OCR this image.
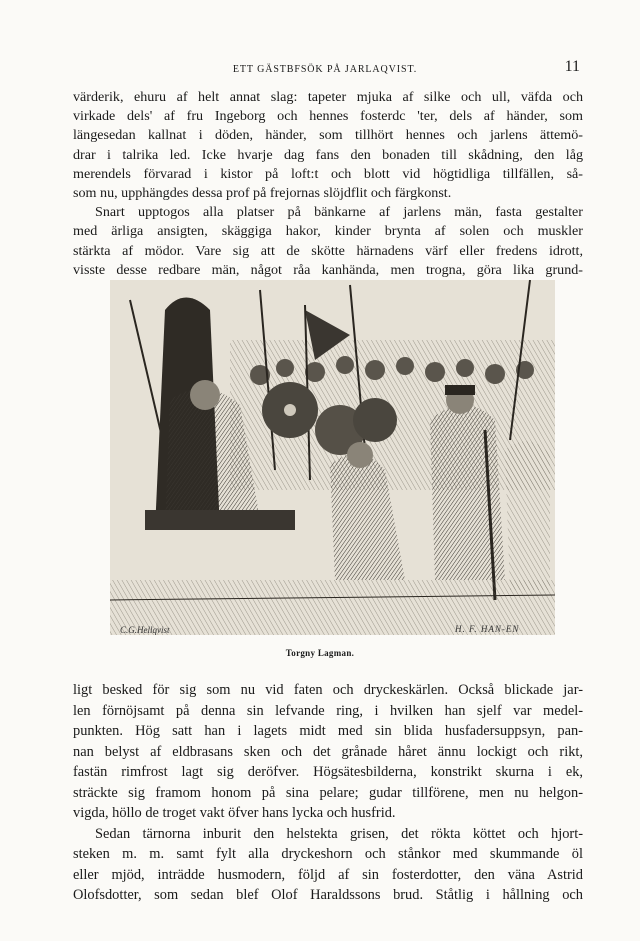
ETT GÄSTBFSÖK PÅ JARLAQVIST.	11
värderik, ehuru af helt annat slag: tapeter mjuka af silke och ull, väfda och
virkade dels' af fru Ingeborg och hennes fosterdc 'ter, dels af händer, som
längesedan kallnat i döden, händer, som tillhört hennes och jarlens ättemö-
drar i talrika led. Icke hvarje dag fans den bonaden till skådning, den låg
merendels förvarad i kistor på loft:t och blott vid högtidliga tillfällen, så-
som nu, upphängdes dessa prof på frejornas slöjdflit och färgkonst.
Snart upptogos alla platser på bänkarne af jarlens män, fasta gestalter
med ärliga ansigten, skäggiga hakor, kinder brynta af solen och muskler
stärkta af mödor. Vare sig att de skötte härnadens värf eller fredens idrott,
visste desse redbare män, något råa kanhända, men trogna, göra lika grund-
C.G.Hellqvist	H. F. HAN-EN
Torgny Lagman.
ligt besked för sig som nu vid faten och dryckeskärlen. Också blickade jar-
len förnöjsamt på denna sin lefvande ring, i hvilken han sjelf var medel-
punkten. Hög satt han i lagets midt med sin blida husfadersuppsyn, pan-
nan belyst af eldbrasans sken och det grånade håret ännu lockigt och rikt,
fastän rimfrost lagt sig deröfver. Högsätesbilderna, konstrikt skurna i ek,
sträckte sig framom honom på sina pelare; gudar tillförene, men nu helgon-
vigda, höllo de troget vakt öfver hans lycka och husfrid.
Sedan tärnorna inburit den helstekta grisen, det rökta köttet och hjort-
steken m. m. samt fylt alla dryckeshorn och stånkor med skummande öl
eller mjöd, inträdde husmodern, följd af sin fosterdotter, den väna Astrid
Olofsdotter, som sedan blef Olof Haraldssons brud. Ståtlig i hållning och
